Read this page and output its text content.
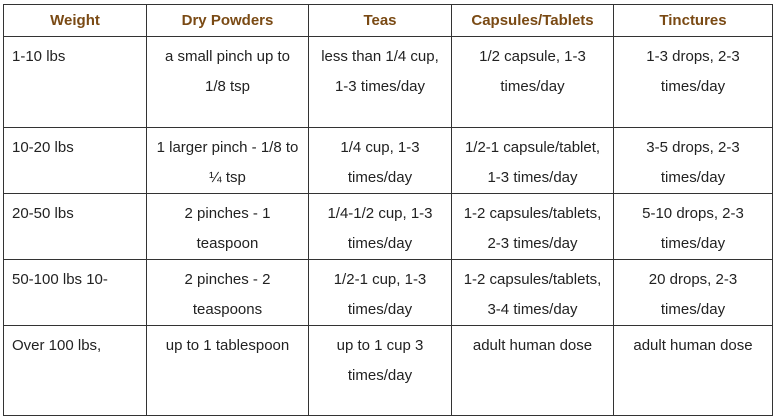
Weight	Dry Powders	Teas	Capsules/Tablets	Tinctures
1-10 lbs	a small pinch up to 1/8 tsp	less than 1/4 cup, 1-3 times/day	1/2 capsule, 1-3 times/day	1-3 drops, 2-3 times/day
10-20 lbs	1 larger pinch - 1/8 to ¼ tsp	1/4 cup, 1-3 times/day	1/2-1 capsule/tablet, 1-3 times/day	3-5 drops, 2-3 times/day
20-50 lbs	2 pinches - 1 teaspoon	1/4-1/2 cup, 1-3 times/day	1-2 capsules/tablets, 2-3 times/day	5-10 drops, 2-3 times/day
50-100 lbs 10-	2 pinches - 2 teaspoons	1/2-1 cup, 1-3 times/day	1-2 capsules/tablets, 3-4 times/day	20 drops, 2-3 times/day
Over 100 lbs,	up to 1 tablespoon	up to 1 cup 3 times/day	adult human dose	adult human dose
